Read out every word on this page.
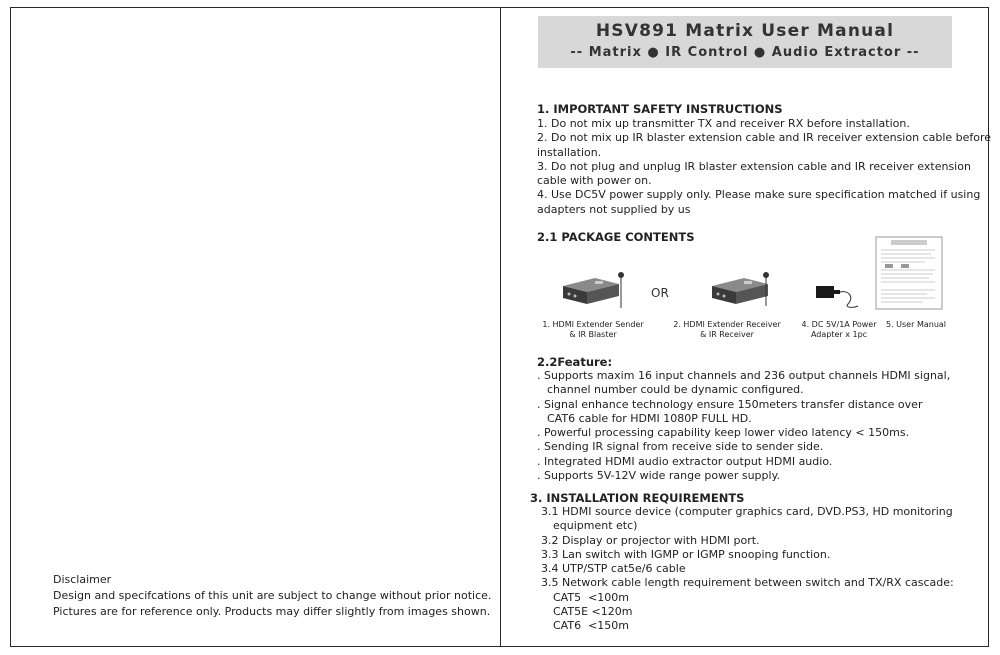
Disclaimer
Design and specifcations of this unit are subject to change without prior notice.
Pictures are for reference only. Products may differ slightly from images shown.
HSV891 Matrix User Manual
-- Matrix ● IR Control ● Audio Extractor --
1. IMPORTANT SAFETY INSTRUCTIONS
1. Do not mix up transmitter TX and receiver RX before installation.
2. Do not mix up IR blaster extension cable and IR receiver extension cable before
installation.
3. Do not plug and unplug IR blaster extension cable and IR receiver extension
cable with power on.
4. Use DC5V power supply only. Please make sure specification matched if using
adapters not supplied by us
2.1 PACKAGE CONTENTS
OR
1. HDMI Extender Sender
& IR Blaster
2. HDMI Extender Receiver
& IR Receiver
4. DC 5V/1A Power
Adapter x 1pc
5. User Manual
2.2Feature:
. Supports maxim 16 input channels and 236 output channels HDMI signal,
channel number could be dynamic configured.
. Signal enhance technology ensure 150meters transfer distance over
CAT6 cable for HDMI 1080P FULL HD.
. Powerful processing capability keep lower video latency < 150ms.
. Sending IR signal from receive side to sender side.
. Integrated HDMI audio extractor output HDMI audio.
. Supports 5V-12V wide range power supply.
3. INSTALLATION REQUIREMENTS
3.1 HDMI source device (computer graphics card, DVD.PS3, HD monitoring
equipment etc)
3.2 Display or projector with HDMI port.
3.3 Lan switch with IGMP or IGMP snooping function.
3.4 UTP/STP cat5e/6 cable
3.5 Network cable length requirement between switch and TX/RX cascade:
CAT5  <100m
CAT5E <120m
CAT6  <150m
